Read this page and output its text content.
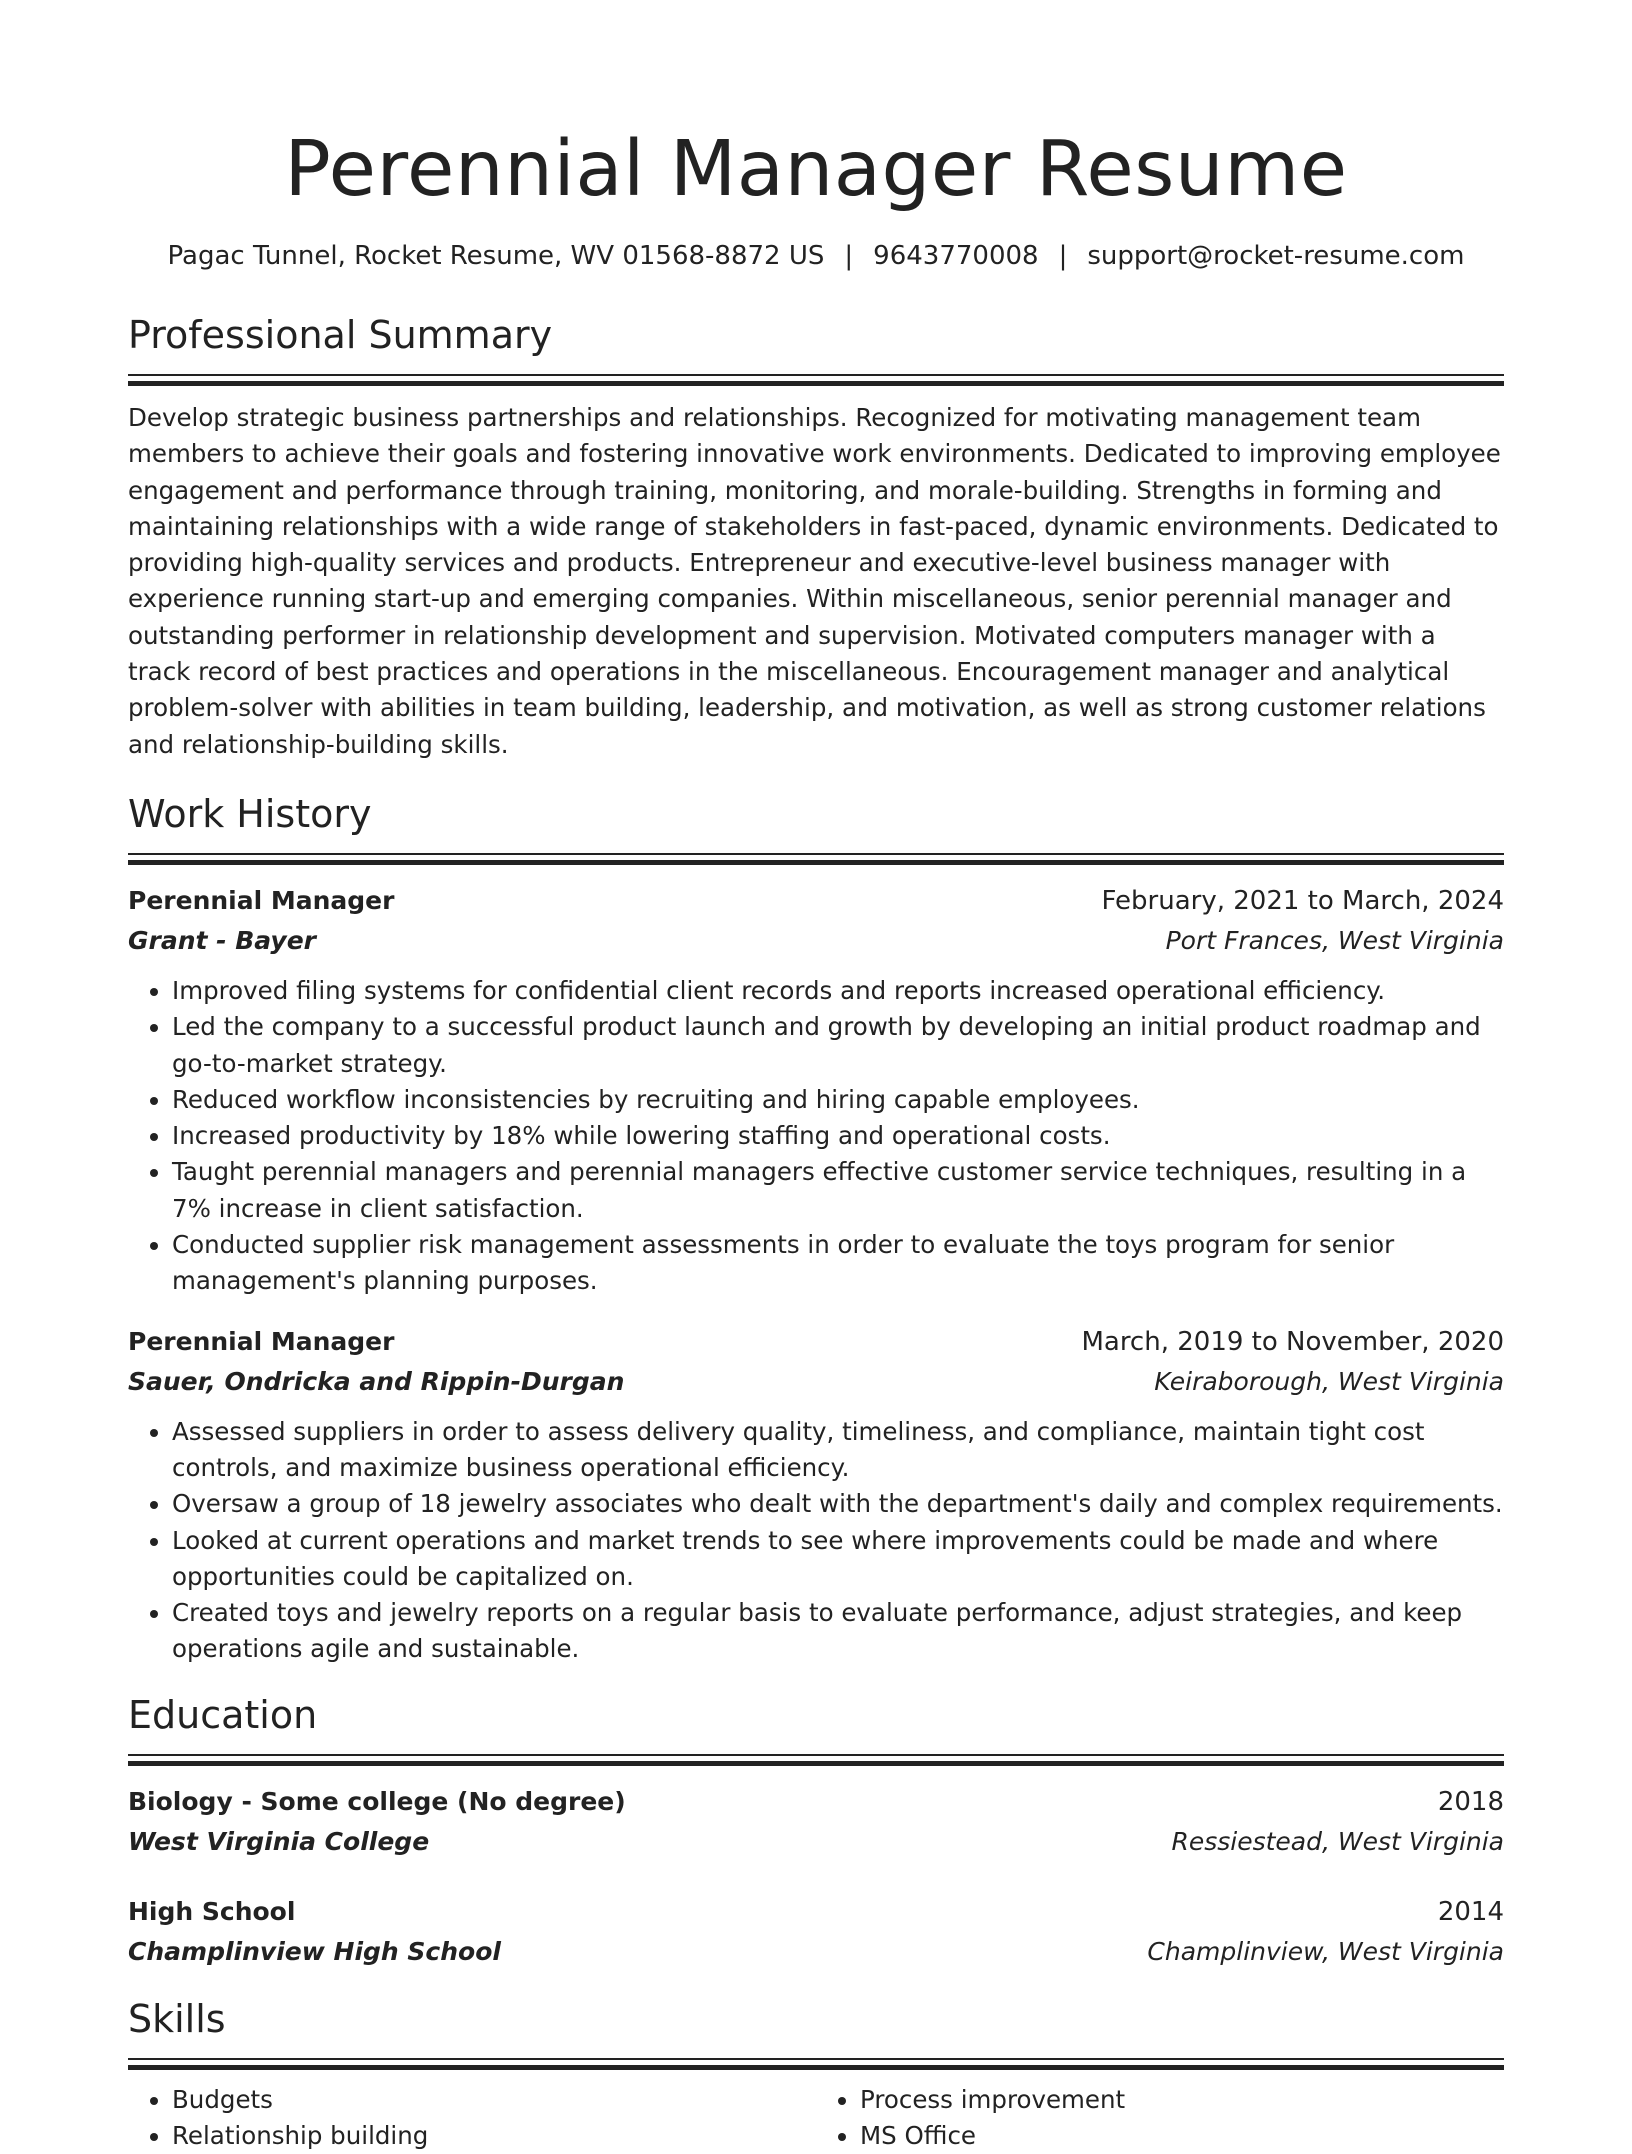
Perennial Manager Resume
Pagac Tunnel, Rocket Resume, WV 01568-8872 US | 9643770008 | support@rocket-resume.com
Professional Summary
Develop strategic business partnerships and relationships. Recognized for motivating management team members to achieve their goals and fostering innovative work environments. Dedicated to improving employee engagement and performance through training, monitoring, and morale-building. Strengths in forming and maintaining relationships with a wide range of stakeholders in fast-paced, dynamic environments. Dedicated to providing high-quality services and products. Entrepreneur and executive-level business manager with experience running start-up and emerging companies. Within miscellaneous, senior perennial manager and outstanding performer in relationship development and supervision. Motivated computers manager with a track record of best practices and operations in the miscellaneous. Encouragement manager and analytical problem-solver with abilities in team building, leadership, and motivation, as well as strong customer relations and relationship-building skills.
Work History
Perennial Manager	February, 2021 to March, 2024
Grant - Bayer	Port Frances, West Virginia
• Improved filing systems for confidential client records and reports increased operational efficiency.
• Led the company to a successful product launch and growth by developing an initial product roadmap and go-to-market strategy.
• Reduced workflow inconsistencies by recruiting and hiring capable employees.
• Increased productivity by 18% while lowering staffing and operational costs.
• Taught perennial managers and perennial managers effective customer service techniques, resulting in a 7% increase in client satisfaction.
• Conducted supplier risk management assessments in order to evaluate the toys program for senior management's planning purposes.
Perennial Manager	March, 2019 to November, 2020
Sauer, Ondricka and Rippin-Durgan	Keiraborough, West Virginia
• Assessed suppliers in order to assess delivery quality, timeliness, and compliance, maintain tight cost controls, and maximize business operational efficiency.
• Oversaw a group of 18 jewelry associates who dealt with the department's daily and complex requirements.
• Looked at current operations and market trends to see where improvements could be made and where opportunities could be capitalized on.
• Created toys and jewelry reports on a regular basis to evaluate performance, adjust strategies, and keep operations agile and sustainable.
Education
Biology - Some college (No degree)	2018
West Virginia College	Ressiestead, West Virginia
High School	2014
Champlinview High School	Champlinview, West Virginia
Skills
• Budgets
• Relationship building
• Process improvement
• MS Office
